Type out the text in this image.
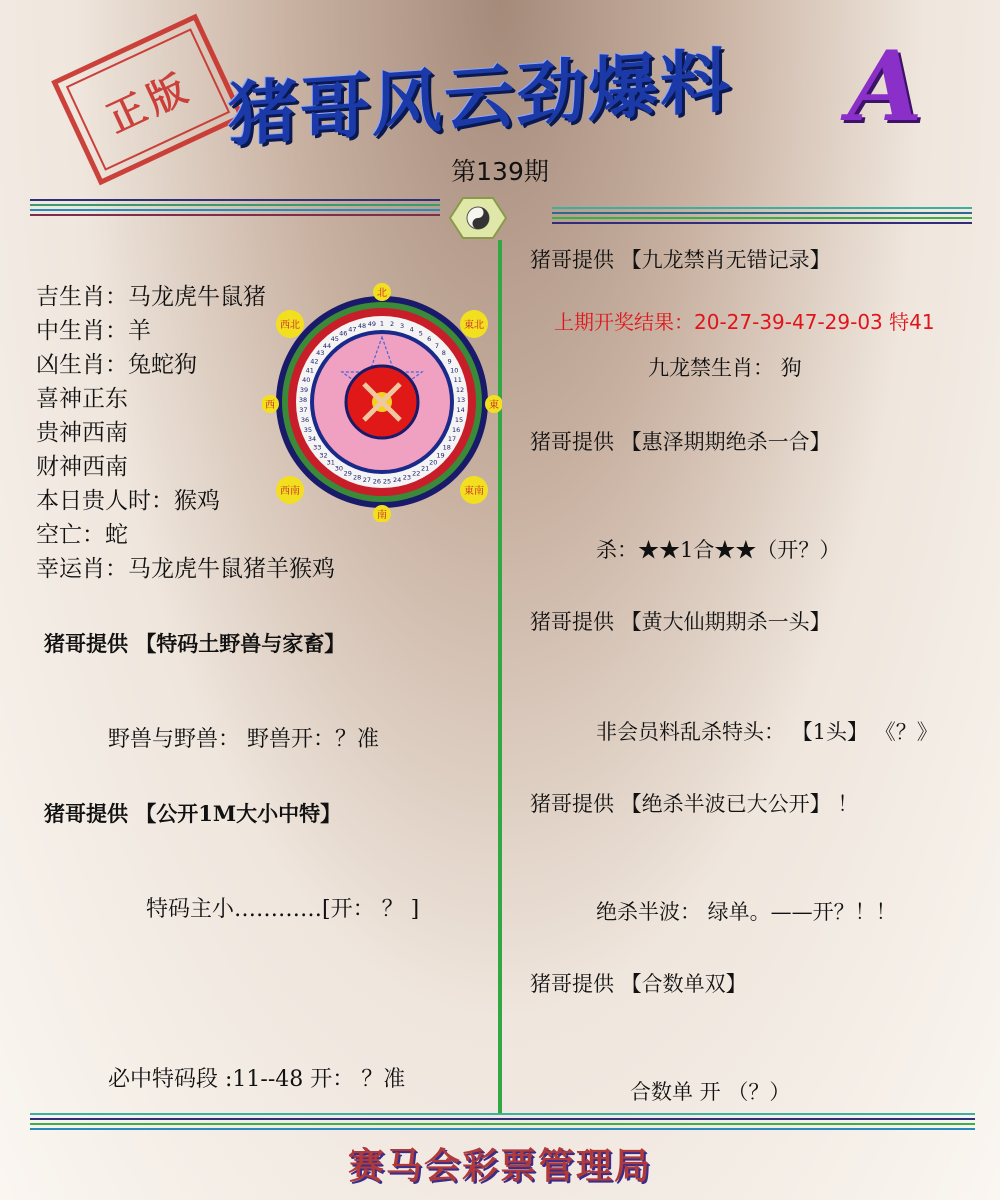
正版 猪哥风云劲爆料 A
第139期
吉生肖：马龙虎牛鼠猪
中生肖：羊
凶生肖：兔蛇狗
喜神正东
贵神西南
财神西南
本日贵人时：猴鸡
空亡：蛇
幸运肖：马龙虎牛鼠猪羊猴鸡
1 2 3 4
5
6
7
8
9
10
11
12
13
14
15
16
17
18
19
20
21
22
23
24
25
26
27
28
29
30
31
32
33
34
35
36
37
38
39
40
41
42
43
44
45
46
47 48 49
北
南
東
西
東北
西北
東南
西南
猪哥提供 【特码土野兽与家畜】
野兽与野兽： 野兽开：？准
猪哥提供 【公开1M大小中特】
特码主小…………[开： ？ ]
必中特码段 :11--48 开： ？准
猪哥提供 【九龙禁肖无错记录】
上期开奖结果：20-27-39-47-29-03 特41
九龙禁生肖： 狗
猪哥提供 【惠泽期期绝杀一合】
杀：★★1合★★（开？）
猪哥提供 【黄大仙期期杀一头】
非会员料乱杀特头： 【1头】 《？》
猪哥提供 【绝杀半波已大公开】 ！
绝杀半波： 绿单。——开？！！
猪哥提供 【合数单双】
合数单 开 （？）
赛马会彩票管理局
